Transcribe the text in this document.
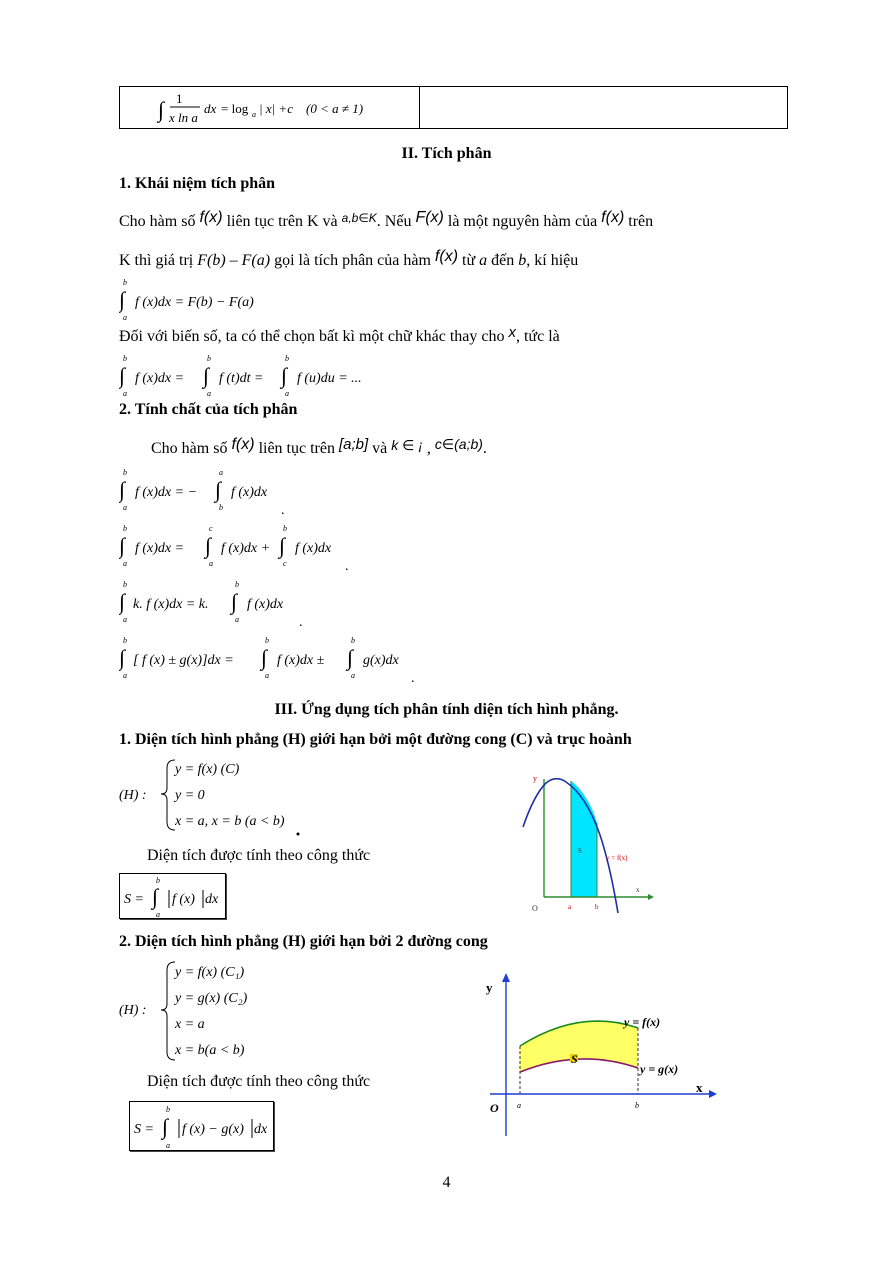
∫ 1
x ln a
dx = log a | x| +c (0 < a ≠ 1)
II. Tích phân
1. Khái niệm tích phân
Cho hàm số f(x) liên tục trên K và $^{a,b\in K}$. Nếu F(x) là một nguyên hàm của f(x) trên
K thì giá trị F(b) – F(a) gọi là tích phân của hàm f(x) từ a đến b, kí hiệu
∫
b
a
f (x)dx = F(b) − F(a)
Đối với biến số, ta có thể chọn bất kì một chữ khác thay cho x, tức là
∫
b
a
f (x)dx = ∫
b
a
f (t)dt = ∫
b
a
f (u)du = ...
2. Tính chất của tích phân
Cho hàm số f(x) liên tục trên [a;b] và k ∈ ¡ , c∈(a;b).
∫
b
a
f (x)dx = − ∫
a
b
f (x)dx
.
∫
b
a
f (x)dx = ∫
c
a
f (x)dx + ∫
b
c
f (x)dx
.
∫
b
a
k. f (x)dx = k. ∫
b
a
f (x)dx
.
∫
b
a
[ f (x) ± g(x)]dx = ∫
b
a
f (x)dx ± ∫
b
a
g(x)dx
.
III. Ứng dụng tích phân tính diện tích hình phẳng.
1. Diện tích hình phẳng (H) giới hạn bởi một đường cong (C) và trục hoành
(H) :
y = f(x) (C)
y = 0
x = a, x = b (a < b)
Diện tích được tính theo công thức
S = ∫
b
a
f (x) dx
y
x
O	a	b
S
y = f(x)
2. Diện tích hình phẳng (H) giới hạn bởi 2 đường cong
(H) :
y = f(x) (C₁)
y = g(x) (C₂)
x = a
x = b(a < b)
Diện tích được tính theo công thức
S = ∫
b
a
f (x) − g(x) dx
y
x
O a	b
S
y = f(x)
y = g(x)
4
